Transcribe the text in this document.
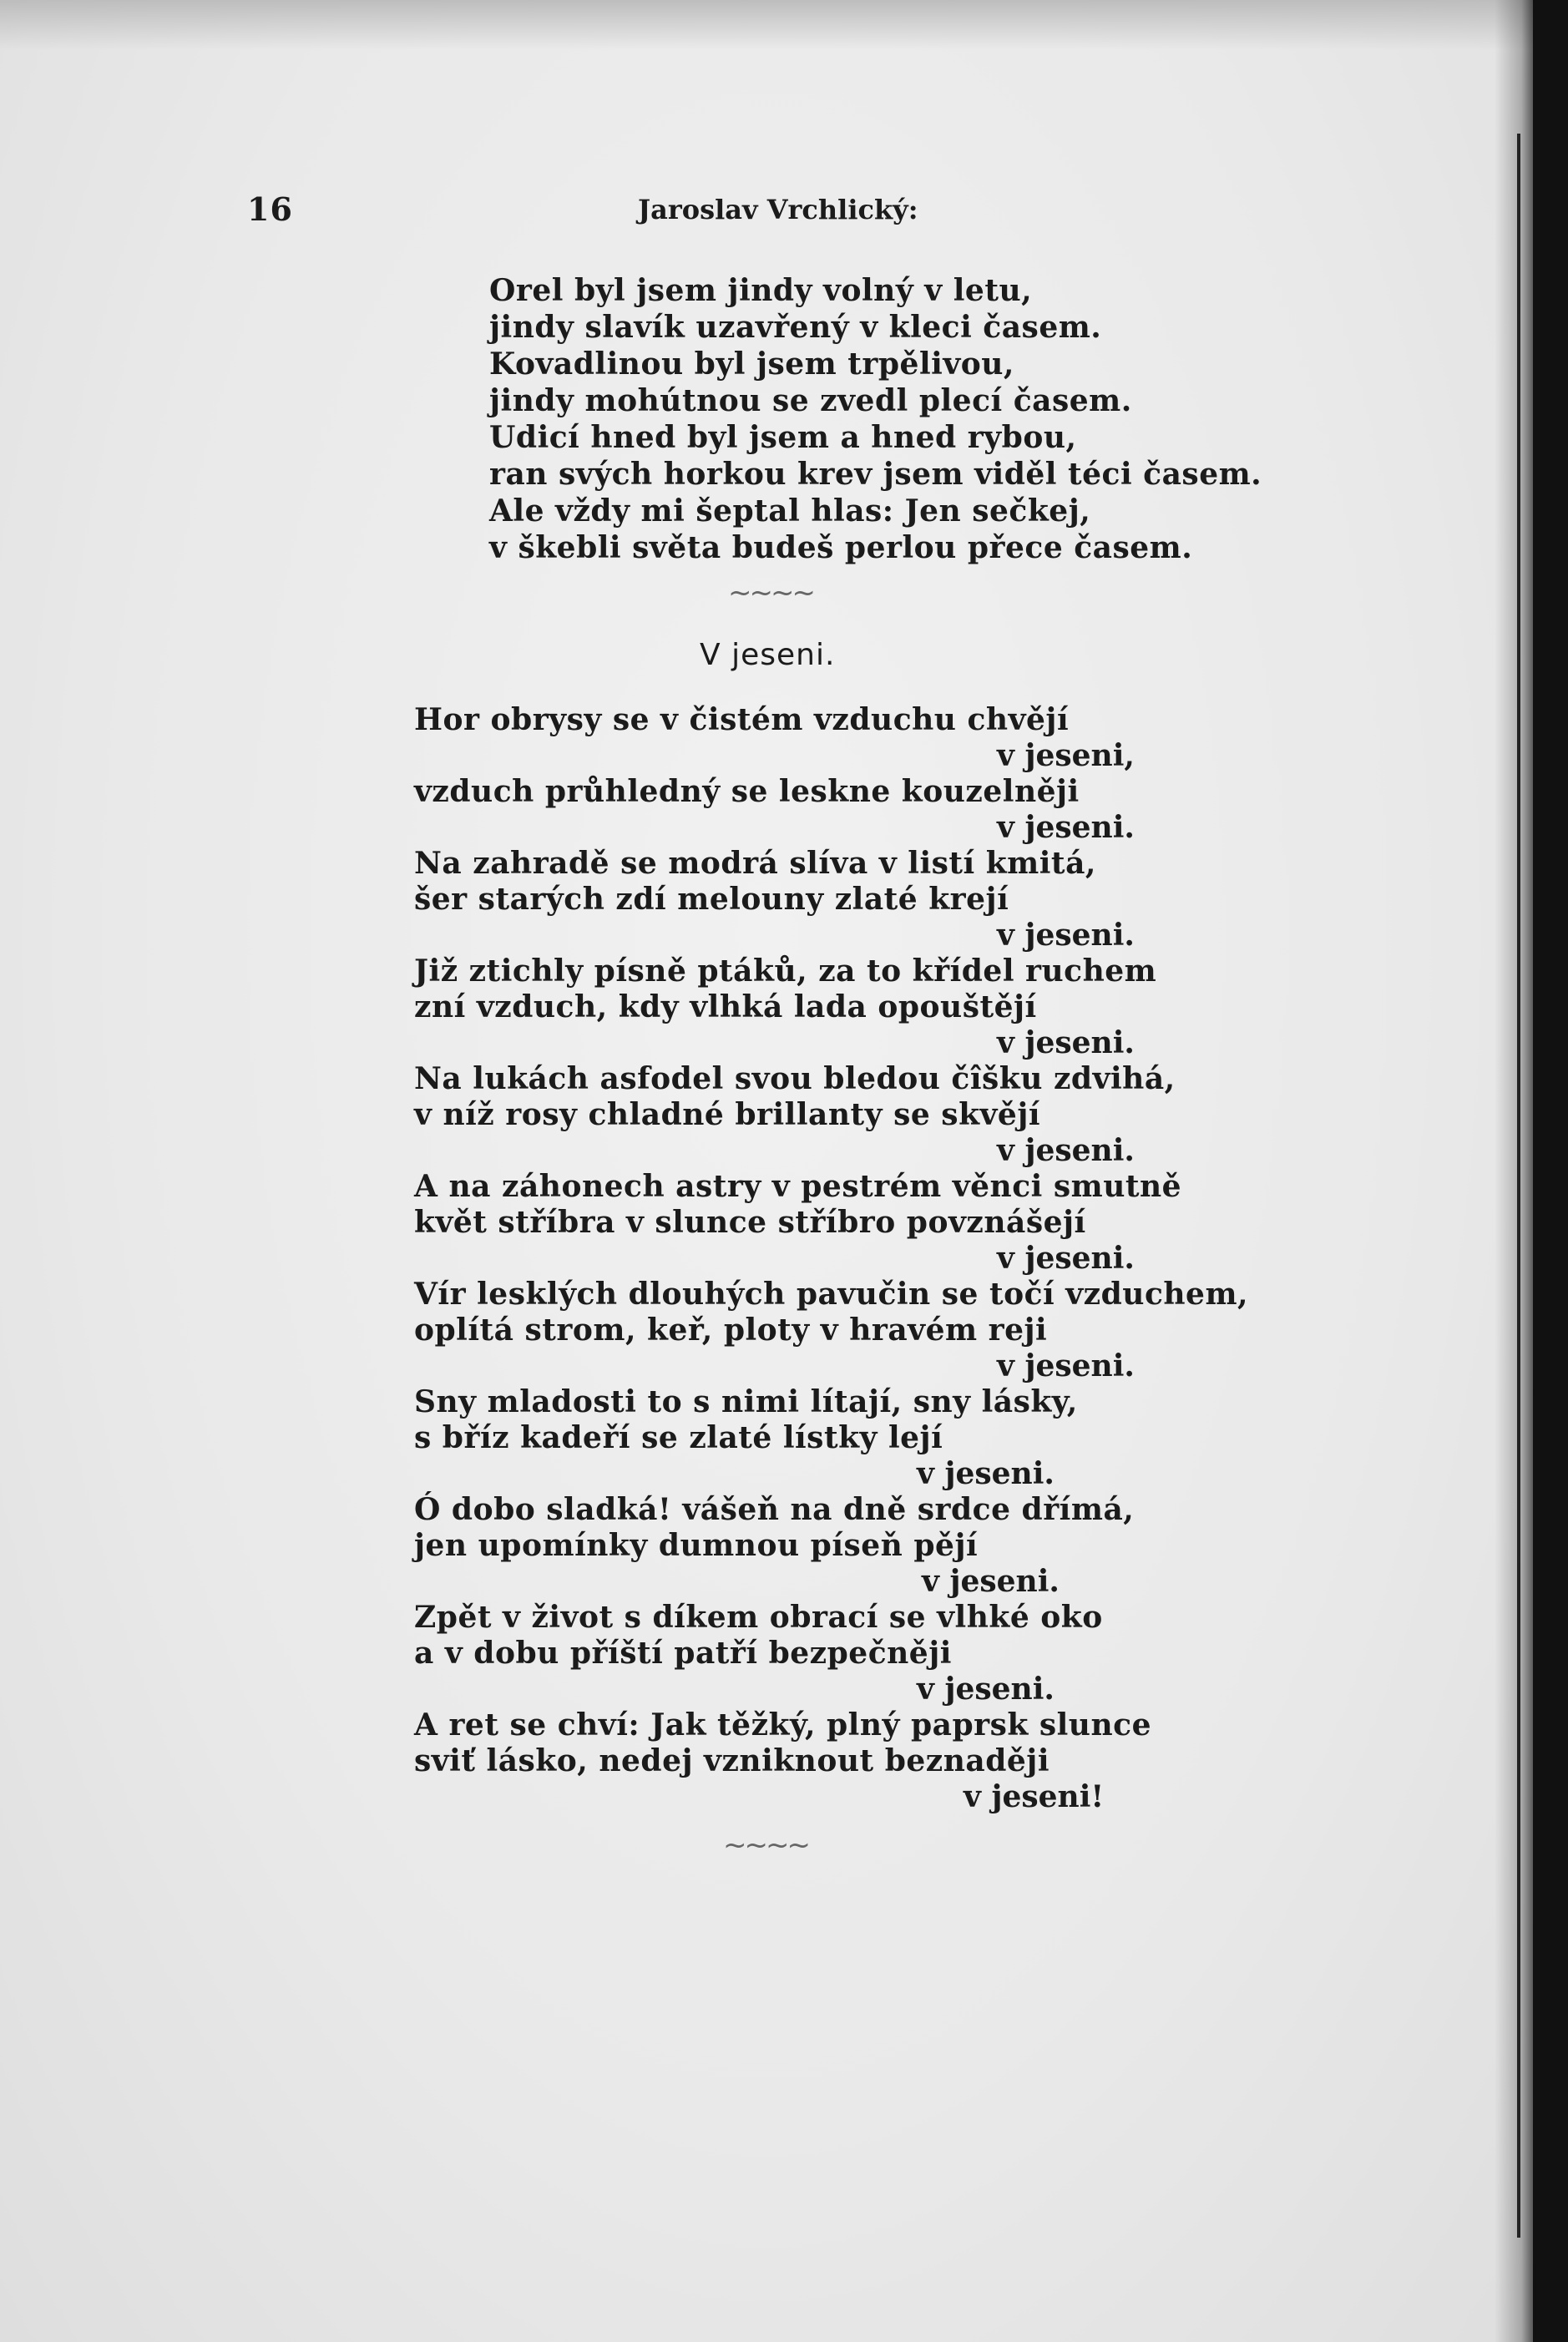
16	Jaroslav Vrchlický:
Orel byl jsem jindy volný v letu,
jindy slavík uzavřený v kleci časem.
Kovadlinou byl jsem trpělivou,
jindy mohútnou se zvedl plecí časem.
Udicí hned byl jsem a hned rybou,
ran svých horkou krev jsem viděl téci časem.
Ale vždy mi šeptal hlas: Jen sečkej,
v škebli světa budeš perlou přece časem.
~~~~
V jeseni.
Hor obrysy se v čistém vzduchu chvějí
v jeseni,
vzduch průhledný se leskne kouzelněji
v jeseni.
Na zahradě se modrá slíva v listí kmitá,
šer starých zdí melouny zlaté krejí
v jeseni.
Již ztichly písně ptáků, za to křídel ruchem
zní vzduch, kdy vlhká lada opouštějí
v jeseni.
Na lukách asfodel svou bledou čîšku zdvihá,
v níž rosy chladné brillanty se skvějí
v jeseni.
A na záhonech astry v pestrém věnci smutně
květ stříbra v slunce stříbro povznášejí
v jeseni.
Vír lesklých dlouhých pavučin se točí vzduchem,
oplítá strom, keř, ploty v hravém reji
v jeseni.
Sny mladosti to s nimi lítají, sny lásky,
s bříz kadeří se zlaté lístky lejí
v jeseni.
Ó dobo sladká! vášeň na dně srdce dřímá,
jen upomínky dumnou píseň pějí
v jeseni.
Zpět v život s díkem obrací se vlhké oko
a v dobu příští patří bezpečněji
v jeseni.
A ret se chví: Jak těžký, plný paprsk slunce
sviť lásko, nedej vzniknout beznaději
v jeseni!
~~~~
